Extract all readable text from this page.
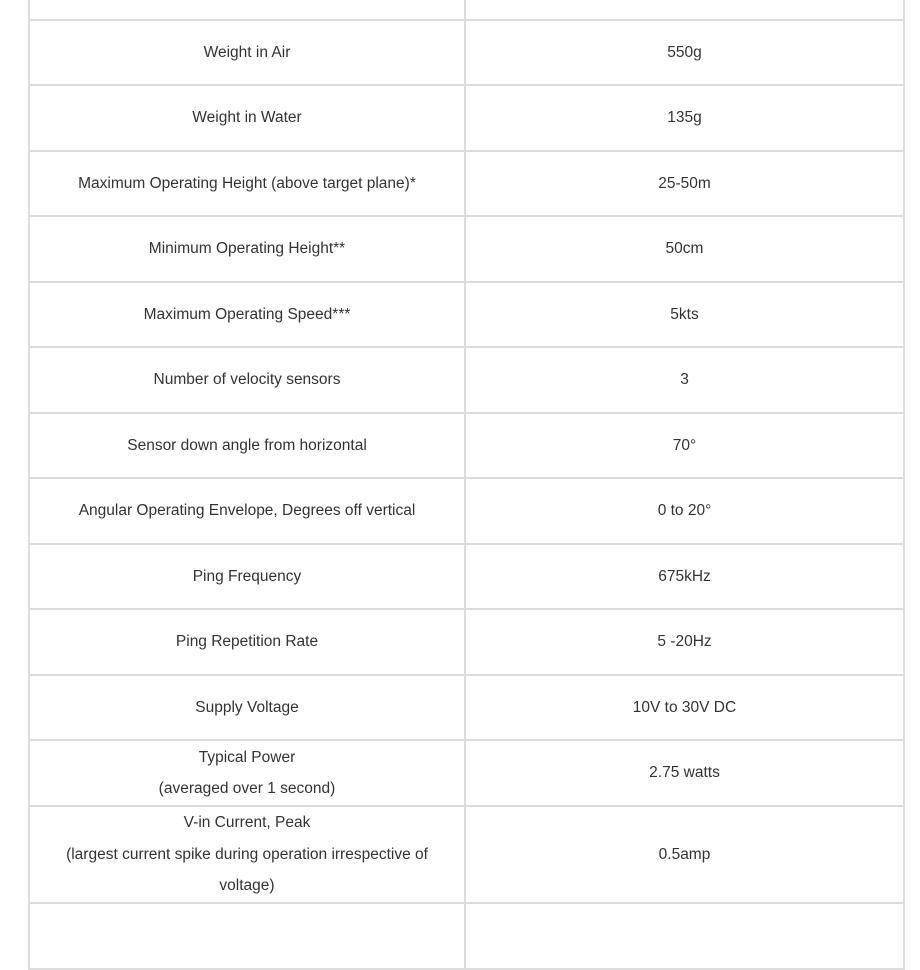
Weight in Air	550g
Weight in Water	135g
Maximum Operating Height (above target plane)*	25-50m
Minimum Operating Height**	50cm
Maximum Operating Speed***	5kts
Number of velocity sensors	3
Sensor down angle from horizontal	70°
Angular Operating Envelope, Degrees off vertical	0 to 20°
Ping Frequency	675kHz
Ping Repetition Rate	5 -20Hz
Supply Voltage	10V to 30V DC

Typical Power
(averaged over 1 second)	2.75 watts

V-in Current, Peak
(largest current spike during operation irrespective of
voltage)	0.5amp
